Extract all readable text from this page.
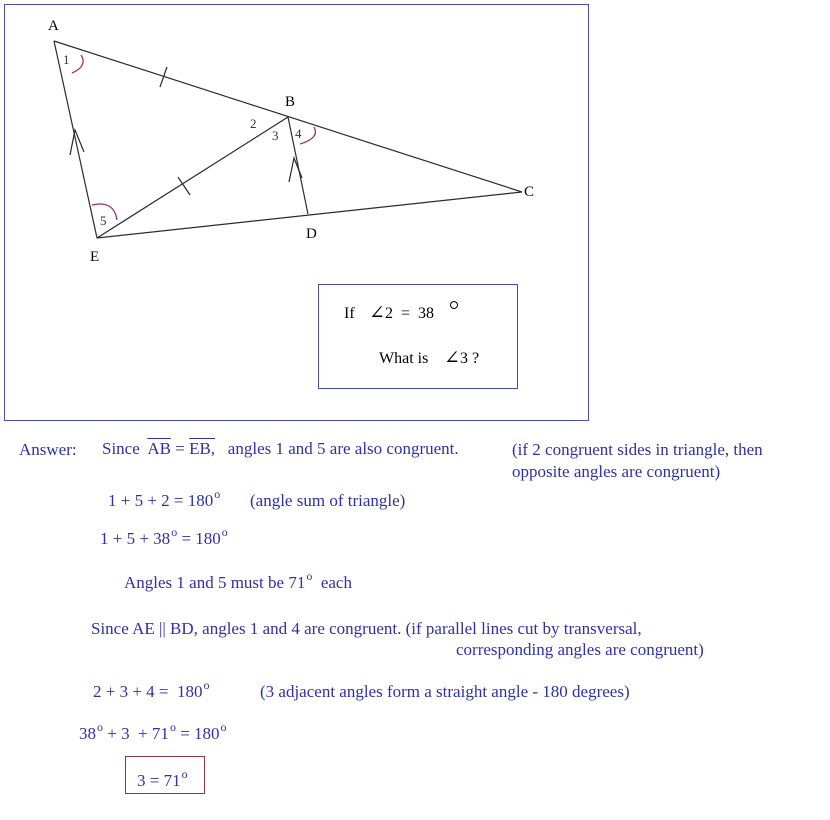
A
B
C
D
E
1
2
3 4
5
If ∠ 2  =  38
What is ∠ 3 ?
Answer: Since $\overline{AB}$ = EB, angles 1 and 5 are also congruent.	(if 2 congruent sides in triangle, then
opposite angles are congruent)
$1 + 5 + 2 = 180^o$ (angle sum of triangle)
$1 + 5 + 38^o = 180^o$
Angles 1 and 5 must be 71$^o$ each
Since AE || BD, angles 1 and 4 are congruent. (if parallel lines cut by transversal,
corresponding angles are congruent)
2 + 3 + 4 =  180$^o$	(3 adjacent angles form a straight angle - 180 degrees)
$38^o + 3 + 71^o = 180^o$
$3 = 71^o$
